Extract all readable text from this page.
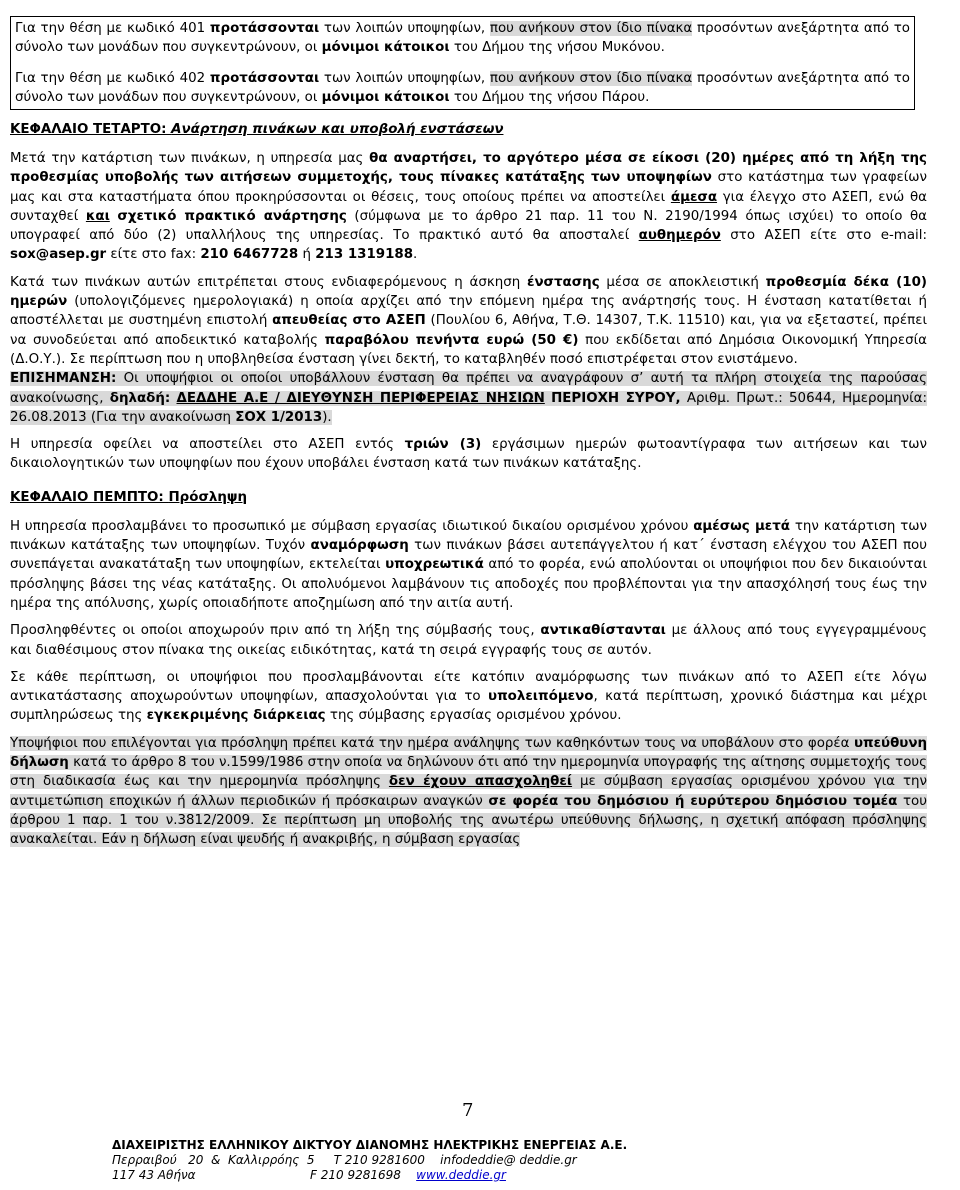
Για την θέση με κωδικό 401 προτάσσονται των λοιπών υποψηφίων, που ανήκουν στον ίδιο πίνακα προσόντων ανεξάρτητα από το σύνολο των μονάδων που συγκεντρώνουν, οι μόνιμοι κάτοικοι του Δήμου της νήσου Μυκόνου.

Για την θέση με κωδικό 402 προτάσσονται των λοιπών υποψηφίων, που ανήκουν στον ίδιο πίνακα προσόντων ανεξάρτητα από το σύνολο των μονάδων που συγκεντρώνουν, οι μόνιμοι κάτοικοι του Δήμου της νήσου Πάρου.

ΚΕΦΑΛΑΙΟ ΤΕΤΑΡΤΟ: Ανάρτηση πινάκων και υποβολή ενστάσεων

Μετά την κατάρτιση των πινάκων, η υπηρεσία μας θα αναρτήσει, το αργότερο μέσα σε είκοσι (20) ημέρες από τη λήξη της προθεσμίας υποβολής των αιτήσεων συμμετοχής, τους πίνακες κατάταξης των υποψηφίων στο κατάστημα των γραφείων μας και στα καταστήματα όπου προκηρύσσονται οι θέσεις, τους οποίους πρέπει να αποστείλει άμεσα για έλεγχο στο ΑΣΕΠ, ενώ θα συνταχθεί και σχετικό πρακτικό ανάρτησης (σύμφωνα με το άρθρο 21 παρ. 11 του Ν. 2190/1994 όπως ισχύει) το οποίο θα υπογραφεί από δύο (2) υπαλλήλους της υπηρεσίας. Το πρακτικό αυτό θα αποσταλεί αυθημερόν στο ΑΣΕΠ είτε στο e-mail: sox@asep.gr είτε στο fax: 210 6467728 ή 213 1319188.

Κατά των πινάκων αυτών επιτρέπεται στους ενδιαφερόμενους η άσκηση ένστασης μέσα σε αποκλειστική προθεσμία δέκα (10) ημερών (υπολογιζόμενες ημερολογιακά) η οποία αρχίζει από την επόμενη ημέρα της ανάρτησής τους. Η ένσταση κατατίθεται ή αποστέλλεται με συστημένη επιστολή απευθείας στο ΑΣΕΠ (Πουλίου 6, Αθήνα, Τ.Θ. 14307, Τ.Κ. 11510) και, για να εξεταστεί, πρέπει να συνοδεύεται από αποδεικτικό καταβολής παραβόλου πενήντα ευρώ (50 €) που εκδίδεται από Δημόσια Οικονομική Υπηρεσία (Δ.Ο.Υ.). Σε περίπτωση που η υποβληθείσα ένσταση γίνει δεκτή, το καταβληθέν ποσό επιστρέφεται στον ενιστάμενο.

ΕΠΙΣΗΜΑΝΣΗ: Οι υποψήφιοι οι οποίοι υποβάλλουν ένσταση θα πρέπει να αναγράφουν σ’ αυτή τα πλήρη στοιχεία της παρούσας ανακοίνωσης, δηλαδή: ΔΕΔΔΗΕ Α.Ε / ΔΙΕΥΘΥΝΣΗ ΠΕΡΙΦΕΡΕΙΑΣ ΝΗΣΙΩΝ ΠΕΡΙΟΧΗ ΣΥΡΟΥ, Αριθμ. Πρωτ.: 50644, Ημερομηνία: 26.08.2013 (Για την ανακοίνωση ΣΟΧ 1/2013).

Η υπηρεσία οφείλει να αποστείλει στο ΑΣΕΠ εντός τριών (3) εργάσιμων ημερών φωτοαντίγραφα των αιτήσεων και των δικαιολογητικών των υποψηφίων που έχουν υποβάλει ένσταση κατά των πινάκων κατάταξης.

ΚΕΦΑΛΑΙΟ ΠΕΜΠΤΟ: Πρόσληψη

Η υπηρεσία προσλαμβάνει το προσωπικό με σύμβαση εργασίας ιδιωτικού δικαίου ορισμένου χρόνου αμέσως μετά την κατάρτιση των πινάκων κατάταξης των υποψηφίων. Τυχόν αναμόρφωση των πινάκων βάσει αυτεπάγγελτου ή κατ΄ ένσταση ελέγχου του ΑΣΕΠ που συνεπάγεται ανακατάταξη των υποψηφίων, εκτελείται υποχρεωτικά από το φορέα, ενώ απολύονται οι υποψήφιοι που δεν δικαιούνται πρόσληψης βάσει της νέας κατάταξης. Οι απολυόμενοι λαμβάνουν τις αποδοχές που προβλέπονται για την απασχόλησή τους έως την ημέρα της απόλυσης, χωρίς οποιαδήποτε αποζημίωση από την αιτία αυτή.

Προσληφθέντες οι οποίοι αποχωρούν πριν από τη λήξη της σύμβασής τους, αντικαθίστανται με άλλους από τους εγγεγραμμένους και διαθέσιμους στον πίνακα της οικείας ειδικότητας, κατά τη σειρά εγγραφής τους σε αυτόν.

Σε κάθε περίπτωση, οι υποψήφιοι που προσλαμβάνονται είτε κατόπιν αναμόρφωσης των πινάκων από το ΑΣΕΠ είτε λόγω αντικατάστασης αποχωρούντων υποψηφίων, απασχολούνται για το υπολειπόμενο, κατά περίπτωση, χρονικό διάστημα και μέχρι συμπληρώσεως της εγκεκριμένης διάρκειας της σύμβασης εργασίας ορισμένου χρόνου.

Υποψήφιοι που επιλέγονται για πρόσληψη πρέπει κατά την ημέρα ανάληψης των καθηκόντων τους να υποβάλουν στο φορέα υπεύθυνη δήλωση κατά το άρθρο 8 του ν.1599/1986 στην οποία να δηλώνουν ότι από την ημερομηνία υπογραφής της αίτησης συμμετοχής τους στη διαδικασία έως και την ημερομηνία πρόσληψης δεν έχουν απασχοληθεί με σύμβαση εργασίας ορισμένου χρόνου για την αντιμετώπιση εποχικών ή άλλων περιοδικών ή πρόσκαιρων αναγκών σε φορέα του δημόσιου ή ευρύτερου δημόσιου τομέα του άρθρου 1 παρ. 1 του ν.3812/2009. Σε περίπτωση μη υποβολής της ανωτέρω υπεύθυνης δήλωσης, η σχετική απόφαση πρόσληψης ανακαλείται. Εάν η δήλωση είναι ψευδής ή ανακριβής, η σύμβαση εργασίας

7
ΔΙΑΧΕΙΡΙΣΤΗΣ ΕΛΛΗΝΙΚΟΥ ΔΙΚΤΥΟΥ ΔΙΑΝΟΜΗΣ ΗΛΕΚΤΡΙΚΗΣ ΕΝΕΡΓΕΙΑΣ Α.Ε.
Περραιβού   20  &  Καλλιρρόης  5     Τ 210 9281600    infodeddie@ deddie.gr
117 43 Αθήνα                              F 210 9281698    www.deddie.gr
